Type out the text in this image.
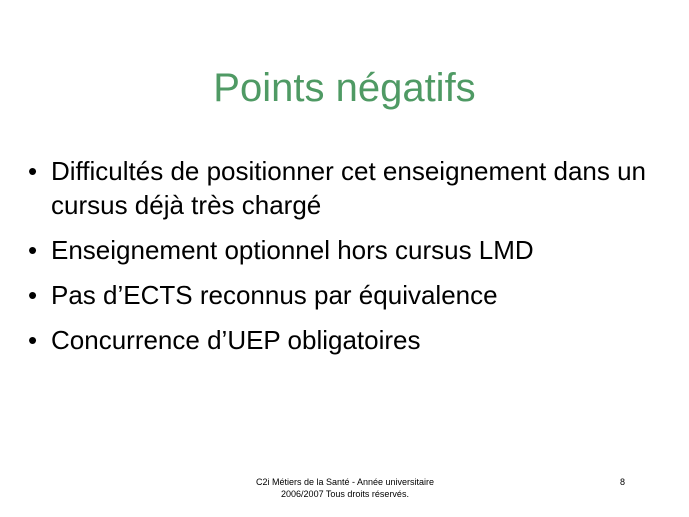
Points négatifs
• Difficultés de positionner cet enseignement dans un cursus déjà très chargé
• Enseignement optionnel hors cursus LMD
• Pas d’ECTS reconnus par équivalence
• Concurrence d’UEP obligatoires
C2i Métiers de la Santé - Année universitaire
2006/2007 Tous droits réservés.
8
